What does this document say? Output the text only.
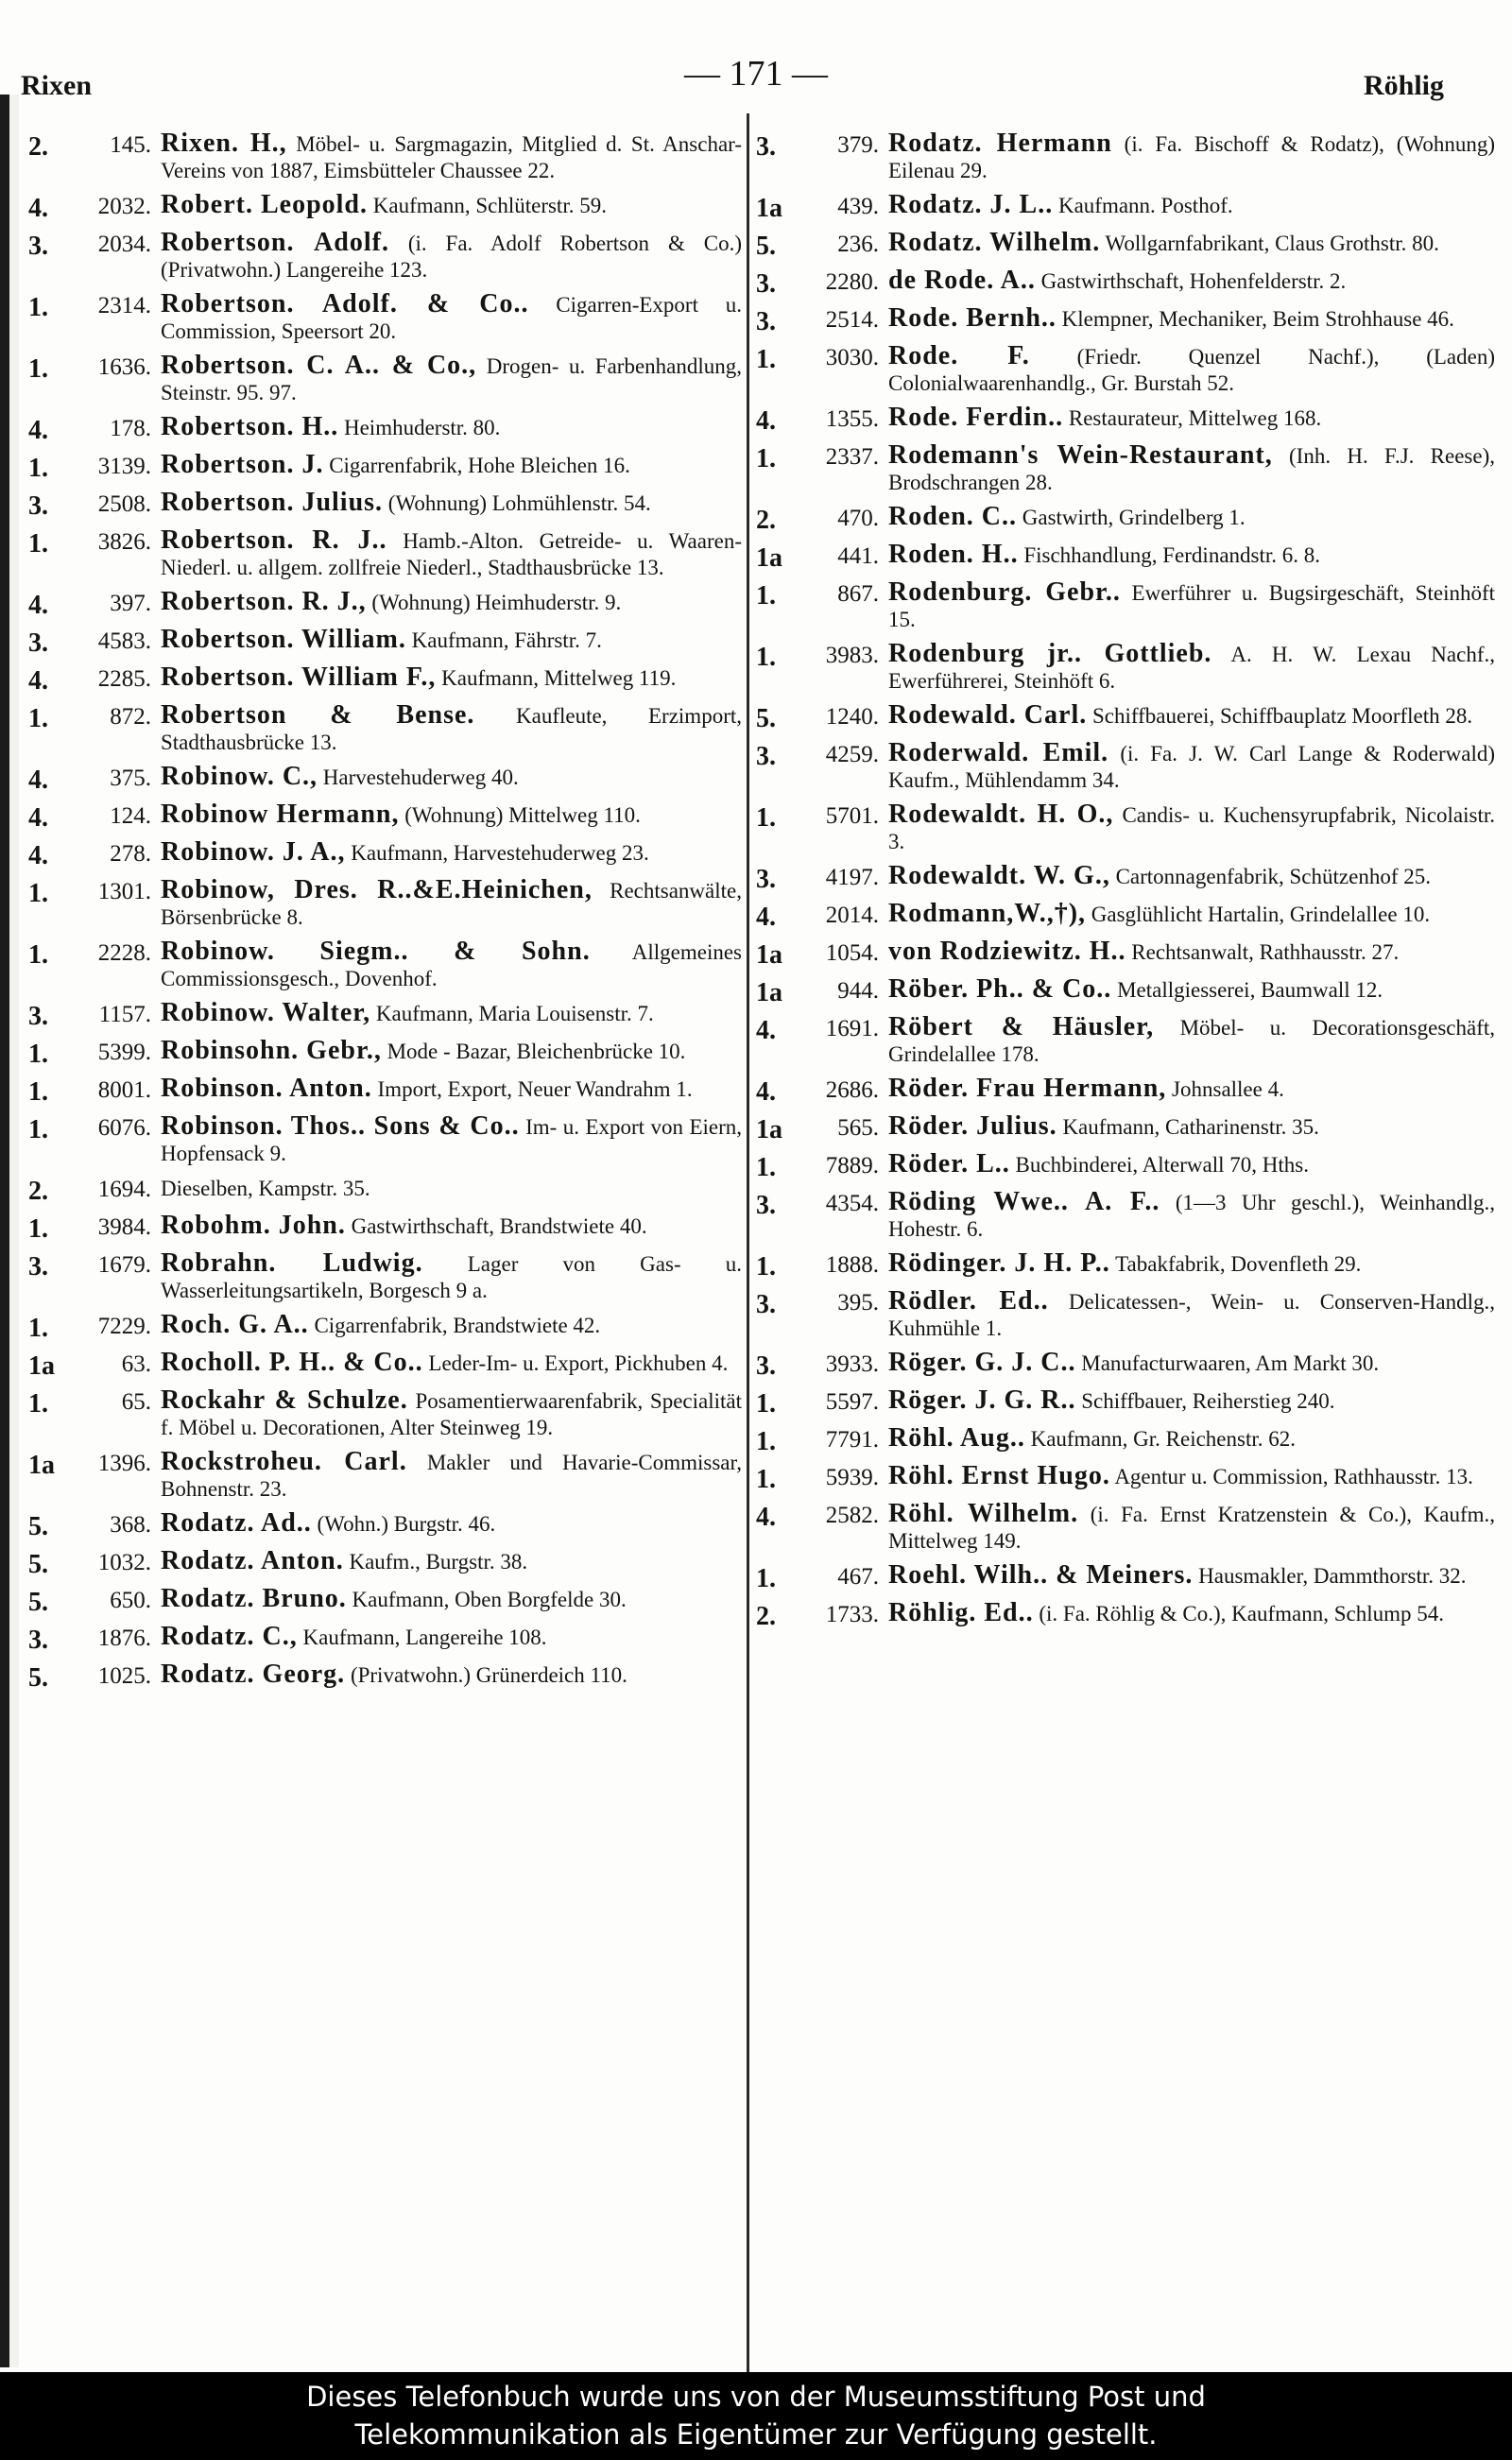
Rixen	— 171 —	Röhlig
2.	145. Rixen. H., Möbel- u. Sargmagazin, Mitglied d. St. Anschar-Vereins von 1887, Eimsbütteler Chaussee 22.
4.	2032. Robert. Leopold. Kaufmann, Schlüterstr. 59.
3.	2034. Robertson. Adolf. (i. Fa. Adolf Robertson & Co.) (Privatwohn.) Langereihe 123.
1.	2314. Robertson. Adolf. & Co.. Cigarren-Export u. Commission, Speersort 20.
1.	1636. Robertson. C. A.. & Co., Drogen- u. Farbenhandlung, Steinstr. 95. 97.
4.	178. Robertson. H.. Heimhuderstr. 80.
1.	3139. Robertson. J. Cigarrenfabrik, Hohe Bleichen 16.
3.	2508. Robertson. Julius. (Wohnung) Lohmühlenstr. 54.
1.	3826. Robertson. R. J.. Hamb.-Alton. Getreide- u. Waaren-Niederl. u. allgem. zollfreie Niederl., Stadthausbrücke 13.
4.	397. Robertson. R. J., (Wohnung) Heimhuderstr. 9.
3.	4583. Robertson. William. Kaufmann, Fährstr. 7.
4.	2285. Robertson. William F., Kaufmann, Mittelweg 119.
1.	872. Robertson & Bense. Kaufleute, Erzimport, Stadthausbrücke 13.
4.	375. Robinow. C., Harvestehuderweg 40.
4.	124. Robinow Hermann, (Wohnung) Mittelweg 110.
4.	278. Robinow. J. A., Kaufmann, Harvestehuderweg 23.
1.	1301. Robinow, Dres. R..&E.Heinichen, Rechtsanwälte, Börsenbrücke 8.
1.	2228. Robinow. Siegm.. & Sohn. Allgemeines Commissionsgesch., Dovenhof.
3.	1157. Robinow. Walter, Kaufmann, Maria Louisenstr. 7.
1.	5399. Robinsohn. Gebr., Mode - Bazar, Bleichenbrücke 10.
1.	8001. Robinson. Anton. Import, Export, Neuer Wandrahm 1.
1.	6076. Robinson. Thos.. Sons & Co.. Im- u. Export von Eiern, Hopfensack 9.
2.	1694. Dieselben, Kampstr. 35.
1.	3984. Robohm. John. Gastwirthschaft, Brandstwiete 40.
3.	1679. Robrahn. Ludwig. Lager von Gas- u. Wasserleitungsartikeln, Borgesch 9 a.
1.	7229. Roch. G. A.. Cigarrenfabrik, Brandstwiete 42.
1a	63. Rocholl. P. H.. & Co.. Leder-Im- u. Export, Pickhuben 4.
1.	65. Rockahr & Schulze. Posamentierwaarenfabrik, Specialität f. Möbel u. Decorationen, Alter Steinweg 19.
1a	1396. Rockstroheu. Carl. Makler und Havarie-Commissar, Bohnenstr. 23.
5.	368. Rodatz. Ad.. (Wohn.) Burgstr. 46.
5.	1032. Rodatz. Anton. Kaufm., Burgstr. 38.
5.	650. Rodatz. Bruno. Kaufmann, Oben Borgfelde 30.
3.	1876. Rodatz. C., Kaufmann, Langereihe 108.
5.	1025. Rodatz. Georg. (Privatwohn.) Grünerdeich 110.
3.	379. Rodatz. Hermann (i. Fa. Bischoff & Rodatz), (Wohnung) Eilenau 29.
1a	439. Rodatz. J. L.. Kaufmann. Posthof.
5.	236. Rodatz. Wilhelm. Wollgarnfabrikant, Claus Grothstr. 80.
3.	2280. de Rode. A.. Gastwirthschaft, Hohenfelderstr. 2.
3.	2514. Rode. Bernh.. Klempner, Mechaniker, Beim Strohhause 46.
1.	3030. Rode. F. (Friedr. Quenzel Nachf.), (Laden) Colonialwaarenhandlg., Gr. Burstah 52.
4.	1355. Rode. Ferdin.. Restaurateur, Mittelweg 168.
1.	2337. Rodemann's Wein-Restaurant, (Inh. H. F.J. Reese), Brodschrangen 28.
2.	470. Roden. C.. Gastwirth, Grindelberg 1.
1a	441. Roden. H.. Fischhandlung, Ferdinandstr. 6. 8.
1.	867. Rodenburg. Gebr.. Ewerführer u. Bugsirgeschäft, Steinhöft 15.
1.	3983. Rodenburg jr.. Gottlieb. A. H. W. Lexau Nachf., Ewerführerei, Steinhöft 6.
5.	1240. Rodewald. Carl. Schiffbauerei, Schiffbauplatz Moorfleth 28.
3.	4259. Roderwald. Emil. (i. Fa. J. W. Carl Lange & Roderwald) Kaufm., Mühlendamm 34.
1.	5701. Rodewaldt. H. O., Candis- u. Kuchensyrupfabrik, Nicolaistr. 3.
3.	4197. Rodewaldt. W. G., Cartonnagenfabrik, Schützenhof 25.
4.	2014. Rodmann,W.,†), Gasglühlicht Hartalin, Grindelallee 10.
1a	1054. von Rodziewitz. H.. Rechtsanwalt, Rathhausstr. 27.
1a	944. Röber. Ph.. & Co.. Metallgiesserei, Baumwall 12.
4.	1691. Röbert & Häusler, Möbel- u. Decorationsgeschäft, Grindelallee 178.
4.	2686. Röder. Frau Hermann, Johnsallee 4.
1a	565. Röder. Julius. Kaufmann, Catharinenstr. 35.
1.	7889. Röder. L.. Buchbinderei, Alterwall 70, Hths.
3.	4354. Röding Wwe.. A. F.. (1—3 Uhr geschl.), Weinhandlg., Hohestr. 6.
1.	1888. Rödinger. J. H. P.. Tabakfabrik, Dovenfleth 29.
3.	395. Rödler. Ed.. Delicatessen-, Wein- u. Conserven-Handlg., Kuhmühle 1.
3.	3933. Röger. G. J. C.. Manufacturwaaren, Am Markt 30.
1.	5597. Röger. J. G. R.. Schiffbauer, Reiherstieg 240.
1.	7791. Röhl. Aug.. Kaufmann, Gr. Reichenstr. 62.
1.	5939. Röhl. Ernst Hugo. Agentur u. Commission, Rathhausstr. 13.
4.	2582. Röhl. Wilhelm. (i. Fa. Ernst Kratzenstein & Co.), Kaufm., Mittelweg 149.
1.	467. Roehl. Wilh.. & Meiners. Hausmakler, Dammthorstr. 32.
2.	1733. Röhlig. Ed.. (i. Fa. Röhlig & Co.), Kaufmann, Schlump 54.
Dieses Telefonbuch wurde uns von der Museumsstiftung Post und
Telekommunikation als Eigentümer zur Verfügung gestellt.
